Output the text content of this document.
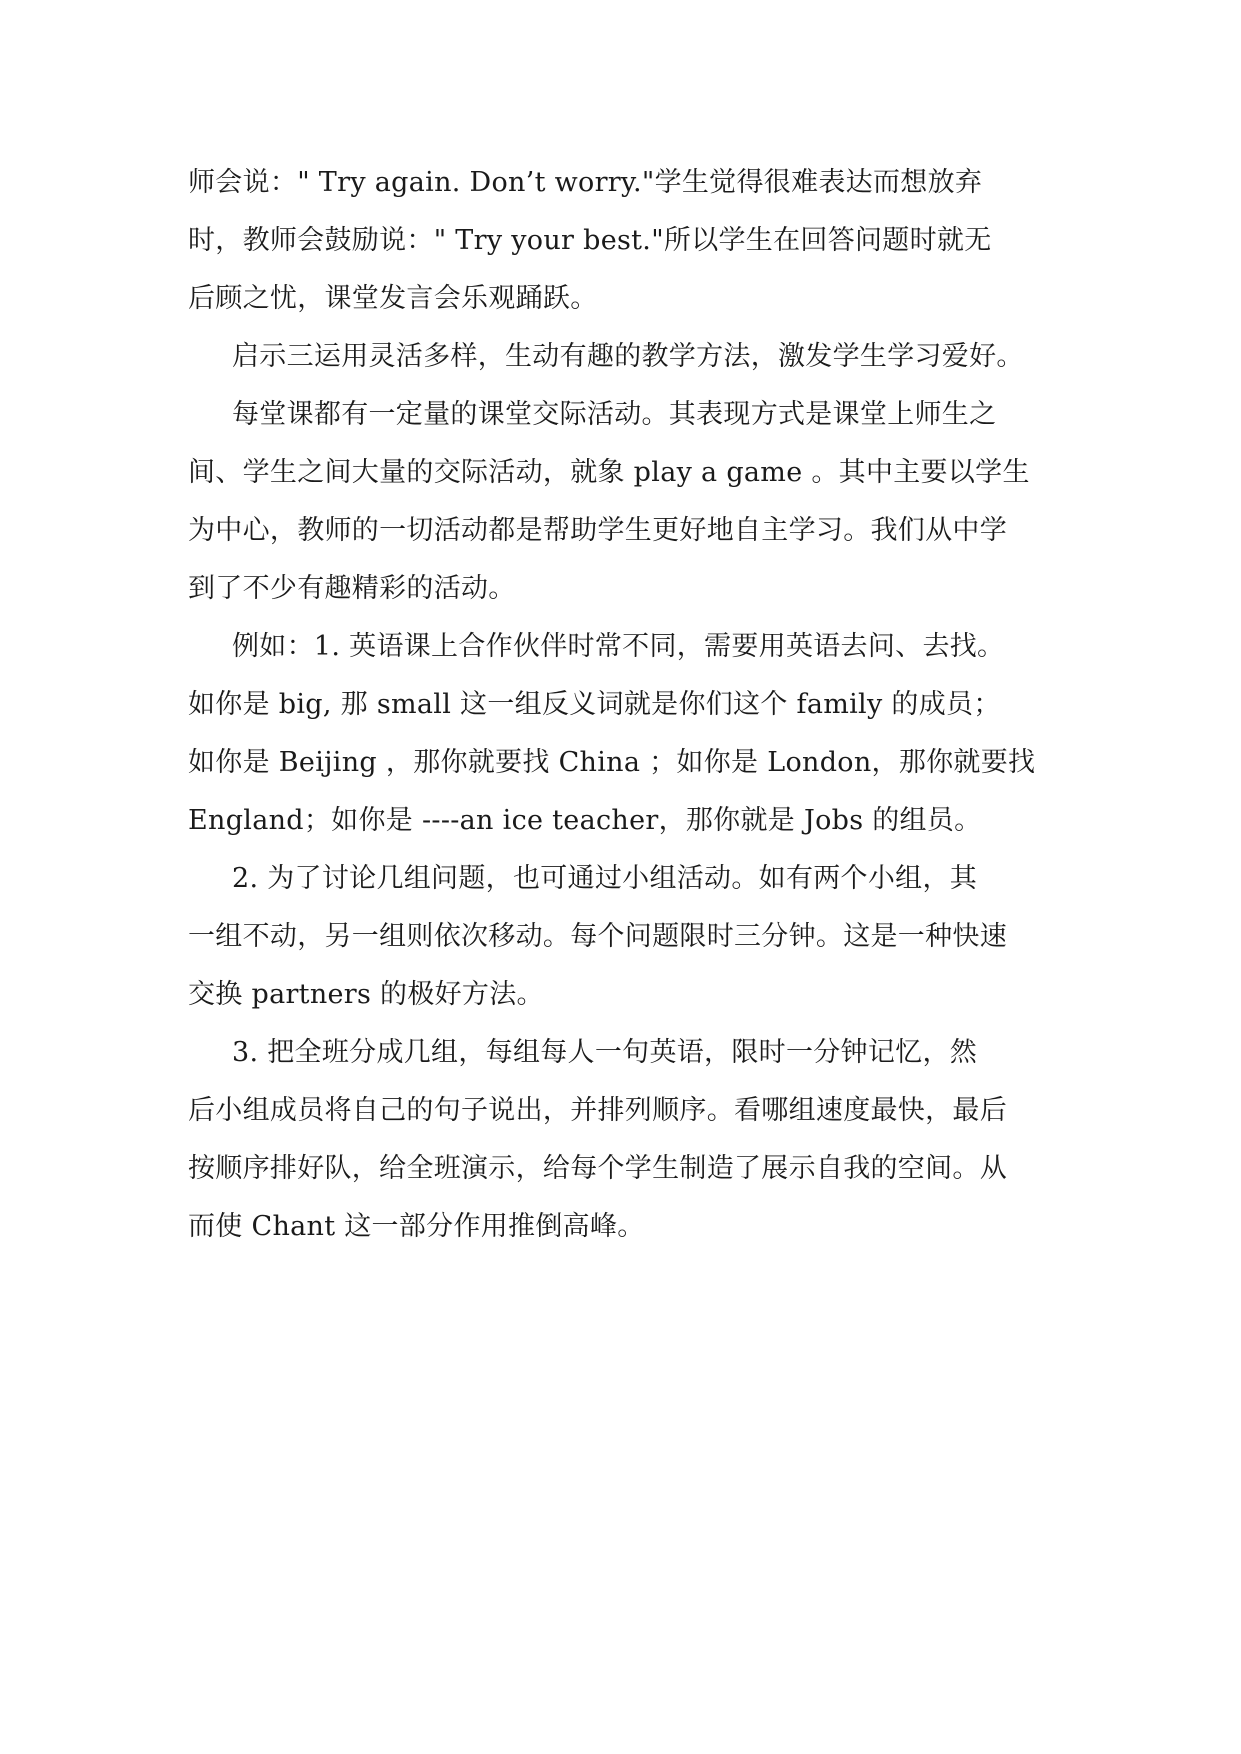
师会说：" Try again. Don’t worry."学生觉得很难表达而想放弃
时，教师会鼓励说：" Try your best."所以学生在回答问题时就无
后顾之忧，课堂发言会乐观踊跃。
启示三运用灵活多样，生动有趣的教学方法，激发学生学习爱好。
每堂课都有一定量的课堂交际活动。其表现方式是课堂上师生之
间、学生之间大量的交际活动，就象 play a game 。其中主要以学生
为中心，教师的一切活动都是帮助学生更好地自主学习。我们从中学
到了不少有趣精彩的活动。
例如：1. 英语课上合作伙伴时常不同，需要用英语去问、去找。
如你是 big, 那 small 这一组反义词就是你们这个 family 的成员；
如你是 Beijing ，那你就要找 China ；如你是 London，那你就要找
England；如你是 ----an ice teacher，那你就是 Jobs 的组员。
2. 为了讨论几组问题，也可通过小组活动。如有两个小组，其
一组不动，另一组则依次移动。每个问题限时三分钟。这是一种快速
交换 partners 的极好方法。
3. 把全班分成几组，每组每人一句英语，限时一分钟记忆，然
后小组成员将自己的句子说出，并排列顺序。看哪组速度最快，最后
按顺序排好队，给全班演示，给每个学生制造了展示自我的空间。从
而使 Chant 这一部分作用推倒高峰。
